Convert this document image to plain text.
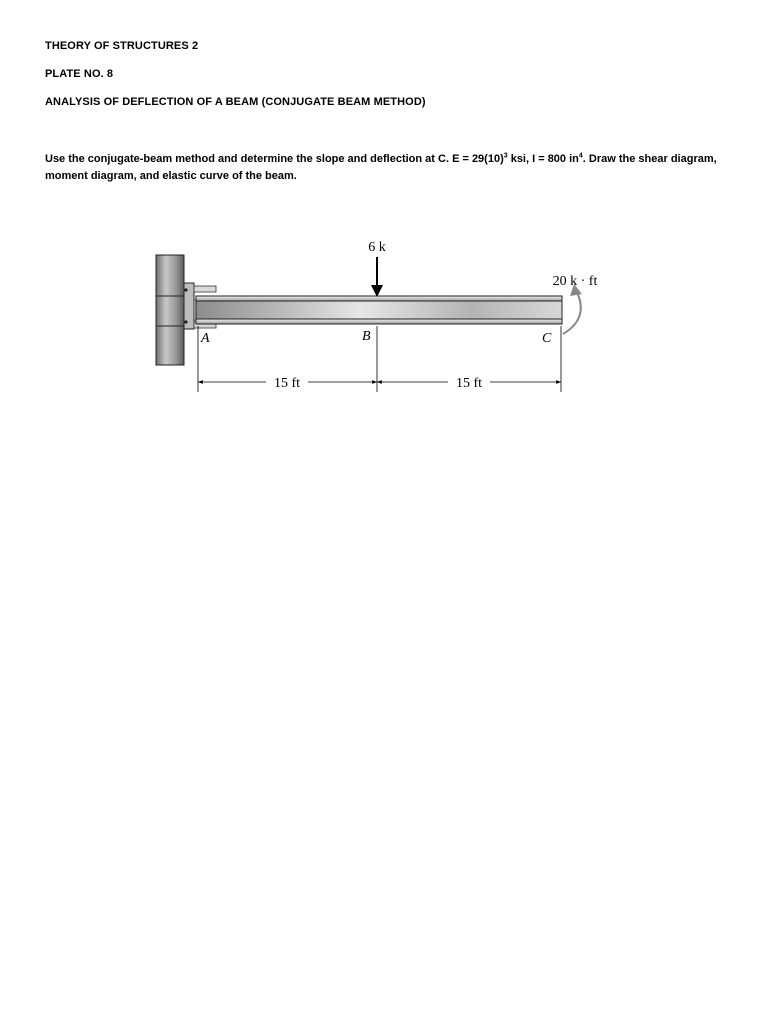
THEORY OF STRUCTURES 2
PLATE NO. 8
ANALYSIS OF DEFLECTION OF A BEAM (CONJUGATE BEAM METHOD)
Use the conjugate-beam method and determine the slope and deflection at C. $E = 29(10)^3$ ksi, I = 800 $in^4$. Draw the shear diagram, moment diagram, and elastic curve of the beam.
6 k
20 k · ft
A	B	C
15 ft	15 ft
